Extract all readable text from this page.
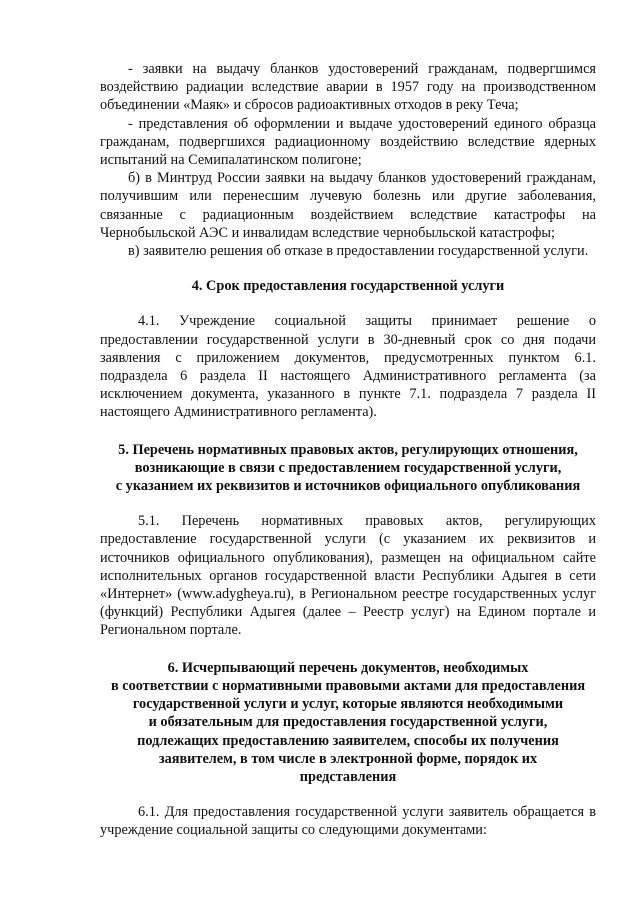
- заявки на выдачу бланков удостоверений гражданам, подвергшимся воздействию радиации вследствие аварии в 1957 году на производственном объединении «Маяк» и сбросов радиоактивных отходов в реку Теча;

- представления об оформлении и выдаче удостоверений единого образца гражданам, подвергшихся радиационному воздействию вследствие ядерных испытаний на Семипалатинском полигоне;

б) в Минтруд России заявки на выдачу бланков удостоверений гражданам, получившим или перенесшим лучевую болезнь или другие заболевания, связанные с радиационным воздействием вследствие катастрофы на Чернобыльской АЭС и инвалидам вследствие чернобыльской катастрофы;

в) заявителю решения об отказе в предоставлении государственной услуги.

4. Срок предоставления государственной услуги

4.1. Учреждение социальной защиты принимает решение о предоставлении государственной услуги в 30-дневный срок со дня подачи заявления с приложением документов, предусмотренных пунктом 6.1. подраздела 6 раздела II настоящего Административного регламента (за исключением документа, указанного в пункте 7.1. подраздела 7 раздела II настоящего Административного регламента).

5. Перечень нормативных правовых актов, регулирующих отношения,
возникающие в связи с предоставлением государственной услуги,
с указанием их реквизитов и источников официального опубликования

5.1. Перечень нормативных правовых актов, регулирующих предоставление государственной услуги (с указанием их реквизитов и источников официального опубликования), размещен на официальном сайте исполнительных органов государственной власти Республики Адыгея в сети «Интернет» (www.adygheya.ru), в Региональном реестре государственных услуг (функций) Республики Адыгея (далее – Реестр услуг) на Едином портале и Региональном портале.

6. Исчерпывающий перечень документов, необходимых
в соответствии с нормативными правовыми актами для предоставления
государственной услуги и услуг, которые являются необходимыми
и обязательным для предоставления государственной услуги,
подлежащих предоставлению заявителем, способы их получения
заявителем, в том числе в электронной форме, порядок их
представления

6.1. Для предоставления государственной услуги заявитель обращается в учреждение социальной защиты со следующими документами:
